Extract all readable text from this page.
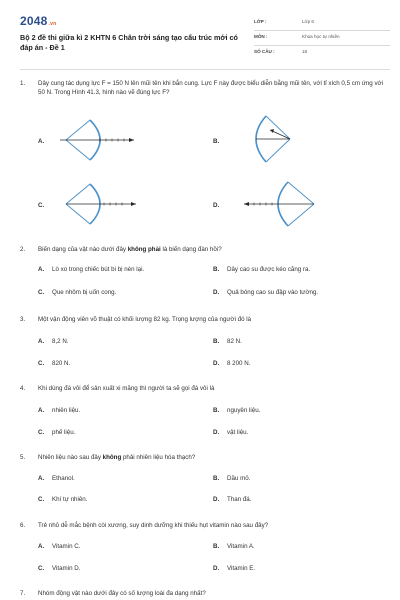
2048.vn
Bộ 2 đề thi giữa kì 2 KHTN 6 Chân trời sáng tạo cấu trúc mới có đáp án - Đề 1
LỚP :	Lớp 6
MÔN :	Khoa học tự nhiên
SỐ CÂU :	18
1. Dây cung tác dụng lực F = 150 N lên mũi tên khi bắn cung. Lực F này được biểu diễn bằng mũi tên, với tỉ xích 0,5 cm ứng với 50 N. Trong Hình 41.3, hình nào vẽ đúng lực F?
A.	B.
C.	D.
2. Biến dạng của vật nào dưới đây không phải là biến dạng đàn hồi?
A. Lò xo trong chiếc bút bi bị nén lại.	B. Dây cao su được kéo căng ra.
C. Que nhôm bị uốn cong.	D. Quả bóng cao su đập vào tường.
3. Một vận động viên võ thuật có khối lượng 82 kg. Trọng lượng của người đó là
A. 8,2 N.	B. 82 N.
C. 820 N.	D. 8 200 N.
4. Khi dùng đá vôi để sản xuất xi măng thì người ta sẽ gọi đá vôi là
A. nhiên liệu.	B. nguyên liệu.
C. phế liệu.	D. vật liệu.
5. Nhiên liệu nào sau đây không phải nhiên liệu hóa thạch?
A. Ethanol.	B. Dầu mỏ.
C. Khí tự nhiên.	D. Than đá.
6. Trẻ nhỏ dễ mắc bệnh còi xương, suy dinh dưỡng khi thiếu hụt vitamin nào sau đây?
A. Vitamin C.	B. Vitamin A.
C. Vitamin D.	D. Vitamin E.
7. Nhóm động vật nào dưới đây có số lượng loài đa dạng nhất?
